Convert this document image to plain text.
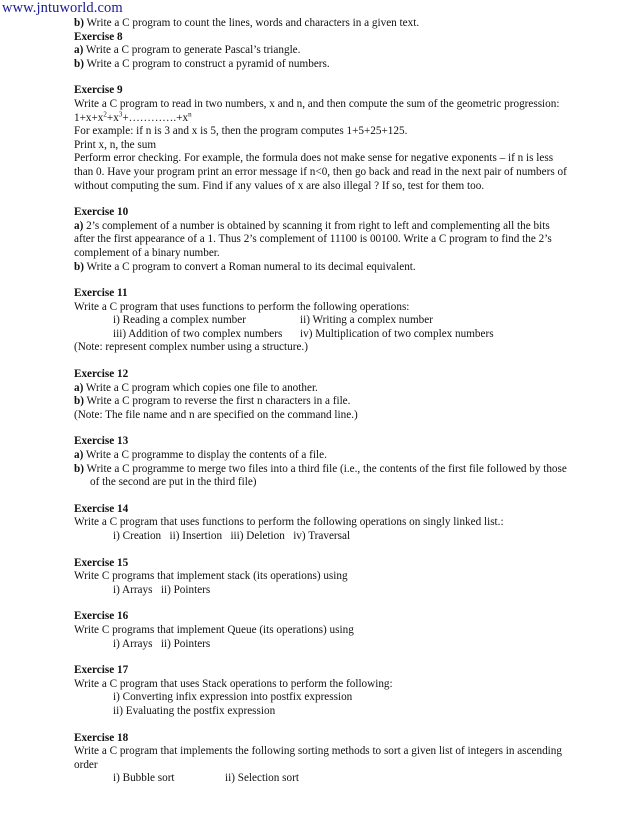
www.jntuworld.com
b) Write a C program to count the lines, words and characters in a given text.
Exercise 8
a) Write a C program to generate Pascal’s triangle.
b) Write a C program to construct a pyramid of numbers.
Exercise 9
Write a C program to read in two numbers, x and n, and then compute the sum of the geometric progression:
$1+x+x^2+x^3+\dots\dots\dots\dots.+x^n$
For example: if n is 3 and x is 5, then the program computes 1+5+25+125.
Print x, n, the sum
Perform error checking. For example, the formula does not make sense for negative exponents – if n is less than 0. Have your program print an error message if n<0, then go back and read in the next pair of numbers of without computing the sum. Find if any values of x are also illegal ? If so, test for them too.
Exercise 10
a) 2’s complement of a number is obtained by scanning it from right to left and complementing all the bits after the first appearance of a 1. Thus 2’s complement of 11100 is 00100. Write a C program to find the 2’s complement of a binary number.
b) Write a C program to convert a Roman numeral to its decimal equivalent.
Exercise 11
Write a C program that uses functions to perform the following operations:
i) Reading a complex number	ii) Writing a complex number
iii) Addition of two complex numbers iv) Multiplication of two complex numbers
(Note: represent complex number using a structure.)
Exercise 12
a) Write a C program which copies one file to another.
b) Write a C program to reverse the first n characters in a file.
(Note: The file name and n are specified on the command line.)
Exercise 13
a) Write a C programme to display the contents of a file.
b) Write a C programme to merge two files into a third file (i.e., the contents of the first file followed by those of the second are put in the third file)
Exercise 14
Write a C program that uses functions to perform the following operations on singly linked list.:
i) Creation   ii) Insertion   iii) Deletion   iv) Traversal
Exercise 15
Write C programs that implement stack (its operations) using
i) Arrays   ii) Pointers
Exercise 16
Write C programs that implement Queue (its operations) using
i) Arrays   ii) Pointers
Exercise 17
Write a C program that uses Stack operations to perform the following:
i) Converting infix expression into postfix expression
ii) Evaluating the postfix expression
Exercise 18
Write a C program that implements the following sorting methods to sort a given list of integers in ascending order
i) Bubble sort	ii) Selection sort
